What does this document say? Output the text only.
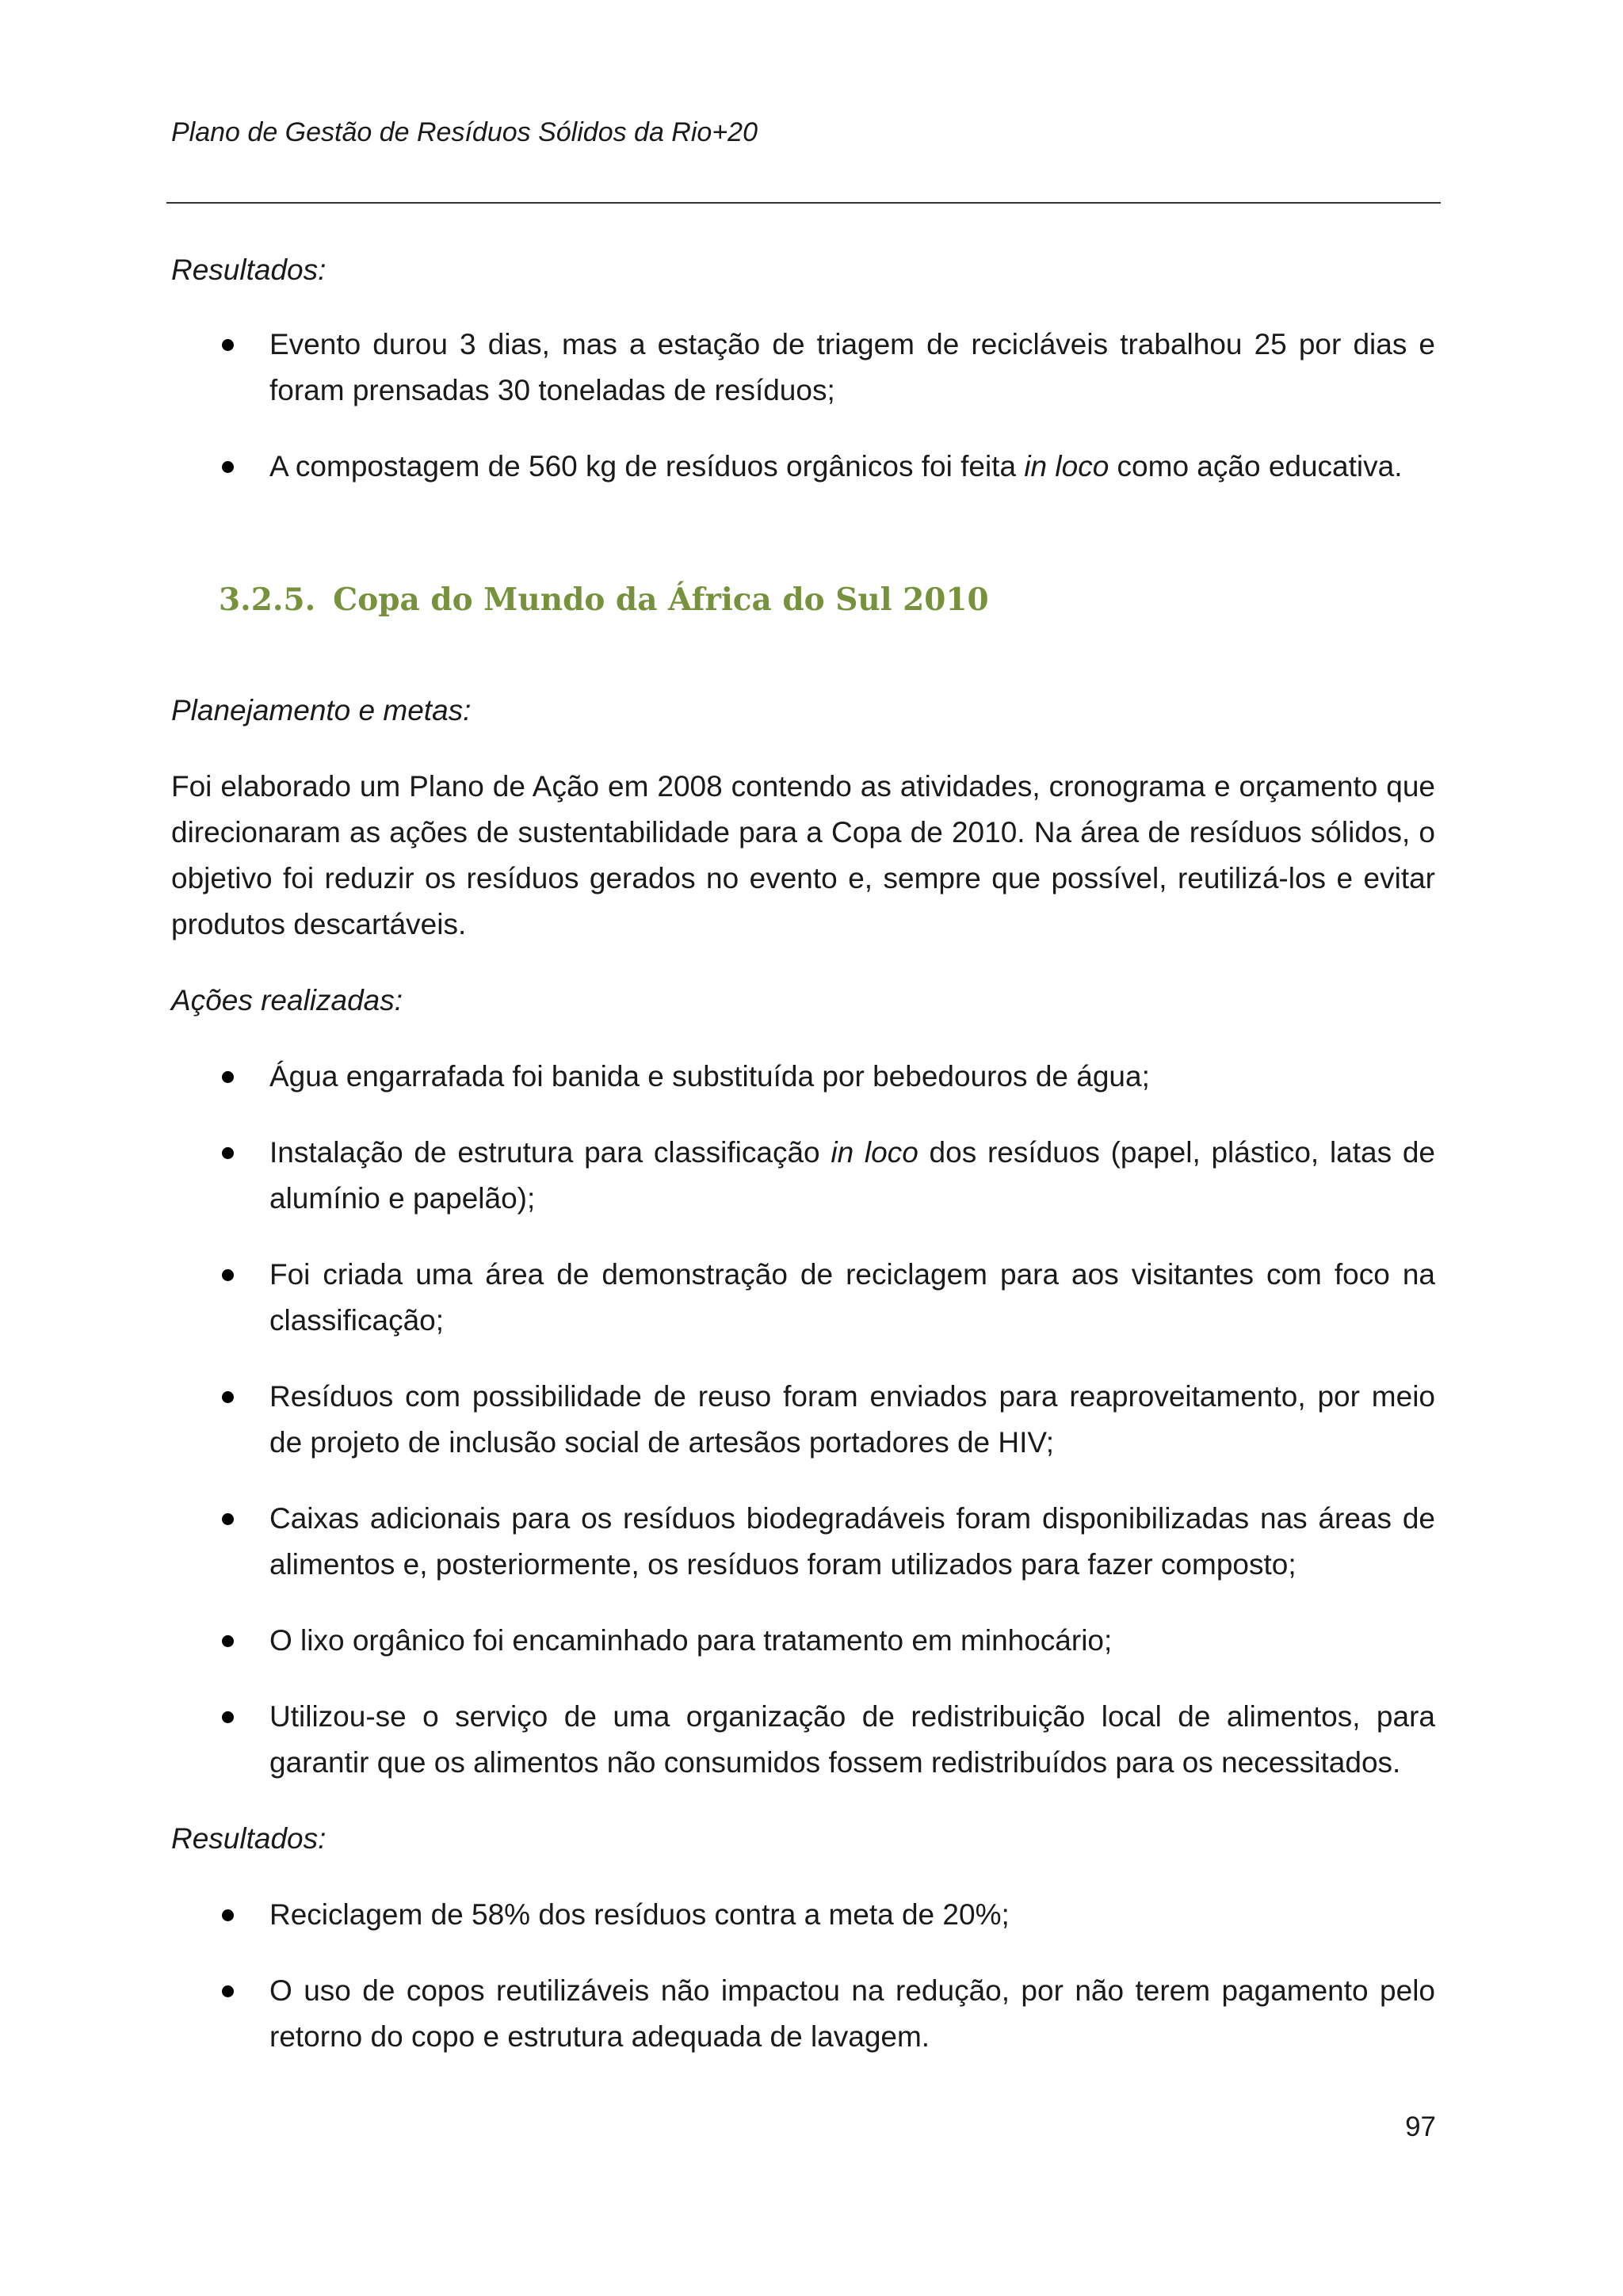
Plano de Gestão de Resíduos Sólidos da Rio+20

Resultados:

Evento durou 3 dias, mas a estação de triagem de recicláveis trabalhou 25 por dias e foram prensadas 30 toneladas de resíduos;
A compostagem de 560 kg de resíduos orgânicos foi feita in loco como ação educativa.
3.2.5. Copa do Mundo da África do Sul 2010

Planejamento e metas:

Foi elaborado um Plano de Ação em 2008 contendo as atividades, cronograma e orçamento que direcionaram as ações de sustentabilidade para a Copa de 2010. Na área de resíduos sólidos, o objetivo foi reduzir os resíduos gerados no evento e, sempre que possível, reutilizá-los e evitar produtos descartáveis.

Ações realizadas:

Água engarrafada foi banida e substituída por bebedouros de água;
Instalação de estrutura para classificação in loco dos resíduos (papel, plástico, latas de alumínio e papelão);
Foi criada uma área de demonstração de reciclagem para aos visitantes com foco na classificação;
Resíduos com possibilidade de reuso foram enviados para reaproveitamento, por meio de projeto de inclusão social de artesãos portadores de HIV;
Caixas adicionais para os resíduos biodegradáveis foram disponibilizadas nas áreas de alimentos e, posteriormente, os resíduos foram utilizados para fazer composto;
O lixo orgânico foi encaminhado para tratamento em minhocário;
Utilizou-se o serviço de uma organização de redistribuição local de alimentos, para garantir que os alimentos não consumidos fossem redistribuídos para os necessitados.

Resultados:

Reciclagem de 58% dos resíduos contra a meta de 20%;
O uso de copos reutilizáveis não impactou na redução, por não terem pagamento pelo retorno do copo e estrutura adequada de lavagem.
97
